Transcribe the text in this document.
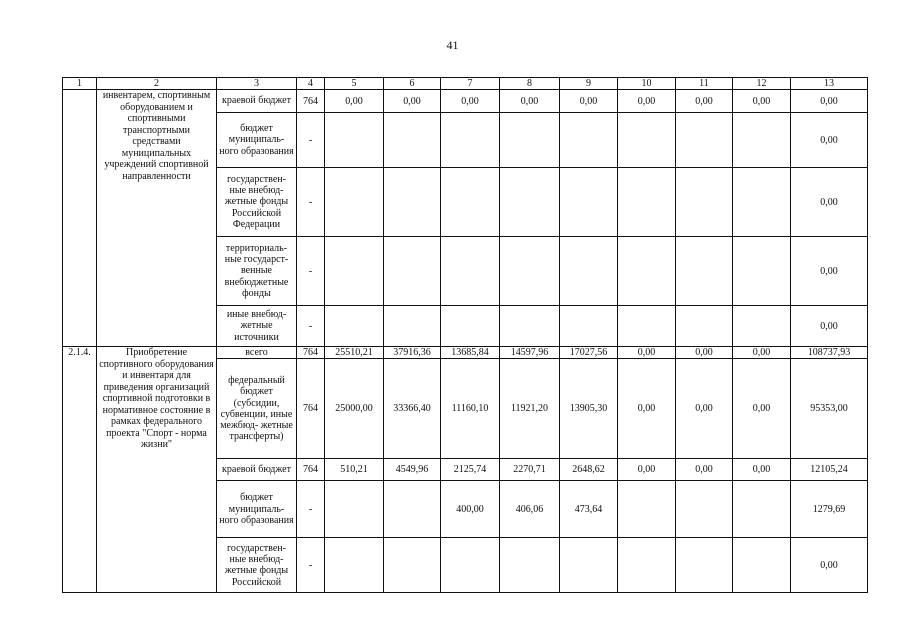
41
1	2	3	4	5	6	7	8	9	10	11	12	13
	инвентарем, спортивным оборудованием и спортивными транспортными средствами муниципальных учреждений спортивной направленности	краевой бюджет	764	0,00	0,00	0,00	0,00	0,00	0,00	0,00	0,00	0,00
		бюджет муниципаль- ного образования	-									0,00
		государствен- ные внебюд- жетные фонды Российской Федерации	-									0,00
		территориаль- ные государст- венные внебюджетные фонды	-									0,00
		иные внебюд- жетные источники	-									0,00
2.1.4.	Приобретение спортивного оборудования и инвентаря для приведения организаций спортивной подготовки в нормативное состояние в рамках федерального проекта "Спорт - норма жизни"	всего	764	25510,21	37916,36	13685,84	14597,96	17027,56	0,00	0,00	0,00	108737,93
		федеральный бюджет (субсидии, субвенции, иные межбюд- жетные трансферты)	764	25000,00	33366,40	11160,10	11921,20	13905,30	0,00	0,00	0,00	95353,00
		краевой бюджет	764	510,21	4549,96	2125,74	2270,71	2648,62	0,00	0,00	0,00	12105,24
		бюджет муниципаль- ного образования	-			400,00	406,06	473,64				1279,69
		государствен- ные внебюд- жетные фонды Российской	-									0,00
